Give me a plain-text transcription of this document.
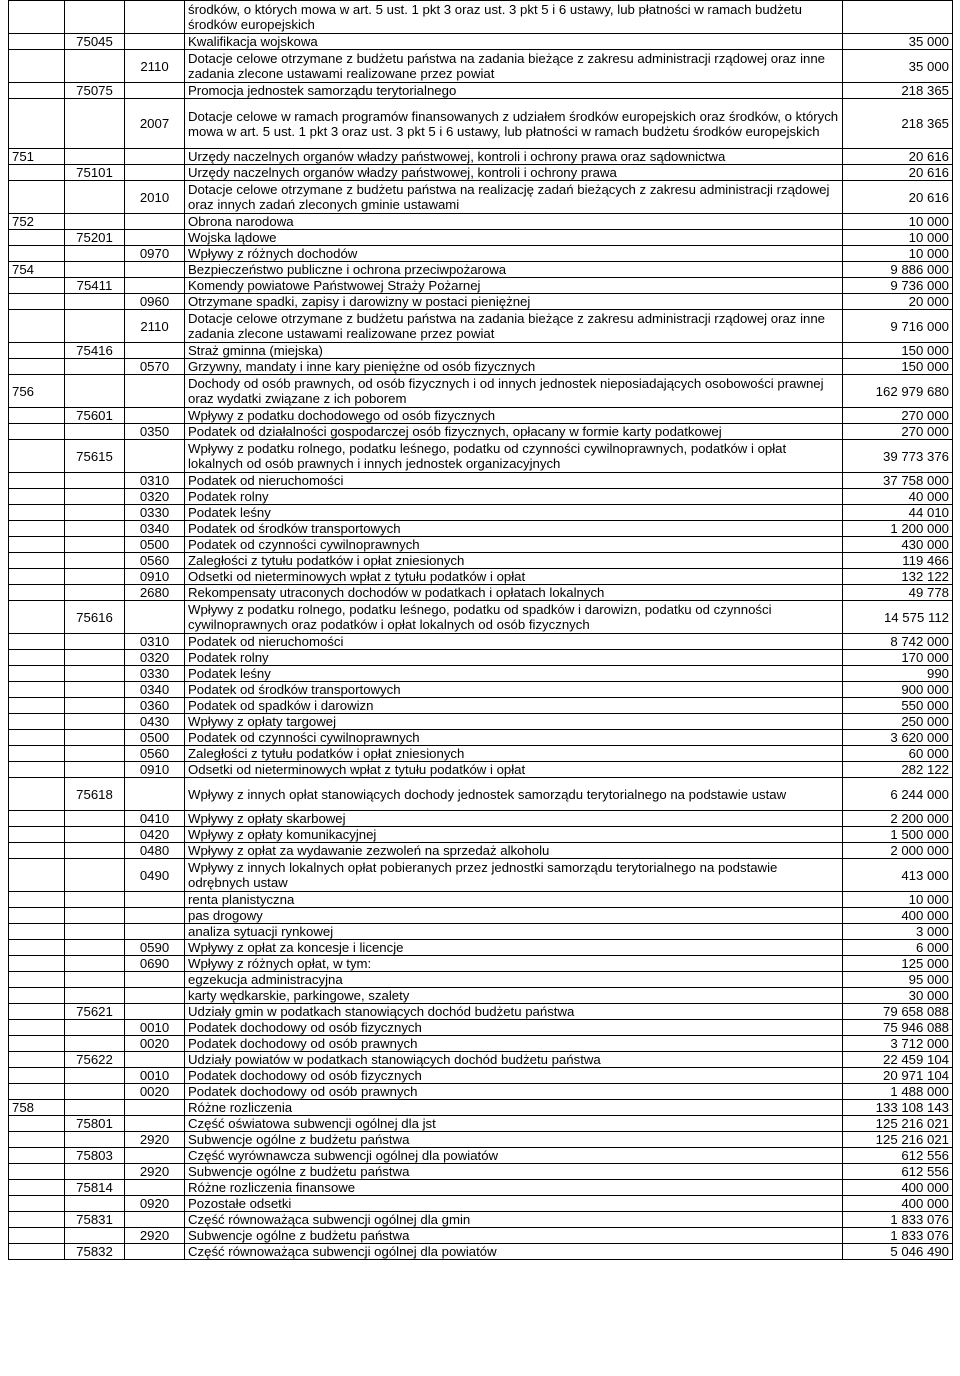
			środków, o których mowa w art. 5 ust. 1 pkt 3 oraz ust. 3 pkt 5 i 6 ustawy, lub płatności w ramach budżetu środków europejskich	
	75045		Kwalifikacja wojskowa	35 000
		2110	Dotacje celowe otrzymane z budżetu państwa na zadania bieżące z zakresu administracji rządowej oraz inne zadania zlecone ustawami realizowane przez powiat	35 000
	75075		Promocja jednostek samorządu terytorialnego	218 365
		2007	Dotacje celowe w ramach programów finansowanych z udziałem środków europejskich oraz środków, o których mowa w art. 5 ust. 1 pkt 3 oraz ust. 3 pkt 5 i 6 ustawy, lub płatności w ramach budżetu środków europejskich	218 365
751			Urzędy naczelnych organów władzy państwowej, kontroli i ochrony prawa oraz sądownictwa	20 616
	75101		Urzędy naczelnych organów władzy państwowej, kontroli i ochrony prawa	20 616
		2010	Dotacje celowe otrzymane z budżetu państwa na realizację zadań bieżących z zakresu administracji rządowej oraz innych zadań zleconych gminie ustawami	20 616
752			Obrona narodowa	10 000
	75201		Wojska lądowe	10 000
		0970	Wpływy z różnych dochodów	10 000
754			Bezpieczeństwo publiczne i ochrona przeciwpożarowa	9 886 000
	75411		Komendy powiatowe Państwowej Straży Pożarnej	9 736 000
		0960	Otrzymane spadki, zapisy i darowizny w postaci pieniężnej	20 000
		2110	Dotacje celowe otrzymane z budżetu państwa na zadania bieżące z zakresu administracji rządowej oraz inne zadania zlecone ustawami realizowane przez powiat	9 716 000
	75416		Straż gminna (miejska)	150 000
		0570	Grzywny, mandaty i inne kary pieniężne od osób fizycznych	150 000
756			Dochody od osób prawnych, od osób fizycznych i od innych jednostek nieposiadających osobowości prawnej oraz wydatki związane z ich poborem	162 979 680
	75601		Wpływy z podatku dochodowego od osób fizycznych	270 000
		0350	Podatek od działalności gospodarczej osób fizycznych, opłacany w formie karty podatkowej	270 000
	75615		Wpływy z podatku rolnego, podatku leśnego, podatku od czynności cywilnoprawnych, podatków i opłat lokalnych od osób prawnych i innych jednostek organizacyjnych	39 773 376
		0310	Podatek od nieruchomości	37 758 000
		0320	Podatek rolny	40 000
		0330	Podatek leśny	44 010
		0340	Podatek od środków transportowych	1 200 000
		0500	Podatek od czynności cywilnoprawnych	430 000
		0560	Zaległości z tytułu podatków i opłat zniesionych	119 466
		0910	Odsetki od nieterminowych wpłat z tytułu podatków i opłat	132 122
		2680	Rekompensaty utraconych dochodów w podatkach i opłatach lokalnych	49 778
	75616		Wpływy z podatku rolnego, podatku leśnego, podatku od spadków i darowizn, podatku od czynności cywilnoprawnych oraz podatków i opłat lokalnych od osób fizycznych	14 575 112
		0310	Podatek od nieruchomości	8 742 000
		0320	Podatek rolny	170 000
		0330	Podatek leśny	990
		0340	Podatek od środków transportowych	900 000
		0360	Podatek od spadków i darowizn	550 000
		0430	Wpływy z opłaty targowej	250 000
		0500	Podatek od czynności cywilnoprawnych	3 620 000
		0560	Zaległości z tytułu podatków i opłat zniesionych	60 000
		0910	Odsetki od nieterminowych wpłat z tytułu podatków i opłat	282 122
	75618		Wpływy z innych opłat stanowiących dochody jednostek samorządu terytorialnego na podstawie ustaw	6 244 000
		0410	Wpływy z opłaty skarbowej	2 200 000
		0420	Wpływy z opłaty komunikacyjnej	1 500 000
		0480	Wpływy z opłat za wydawanie zezwoleń na sprzedaż alkoholu	2 000 000
		0490	Wpływy z innych lokalnych opłat pobieranych przez jednostki samorządu terytorialnego na podstawie odrębnych ustaw	413 000
			renta planistyczna	10 000
			pas drogowy	400 000
			analiza sytuacji rynkowej	3 000
		0590	Wpływy z opłat za koncesje i licencje	6 000
		0690	Wpływy z różnych opłat, w tym:	125 000
			egzekucja administracyjna	95 000
			karty wędkarskie, parkingowe, szalety	30 000
	75621		Udziały gmin w podatkach stanowiących dochód budżetu państwa	79 658 088
		0010	Podatek dochodowy od osób fizycznych	75 946 088
		0020	Podatek dochodowy od osób prawnych	3 712 000
	75622		Udziały powiatów w podatkach stanowiących dochód budżetu państwa	22 459 104
		0010	Podatek dochodowy od osób fizycznych	20 971 104
		0020	Podatek dochodowy od osób prawnych	1 488 000
758			Różne rozliczenia	133 108 143
	75801		Część oświatowa subwencji ogólnej dla jst	125 216 021
		2920	Subwencje ogólne z budżetu państwa	125 216 021
	75803		Część wyrównawcza subwencji ogólnej dla powiatów	612 556
		2920	Subwencje ogólne z budżetu państwa	612 556
	75814		Różne rozliczenia finansowe	400 000
		0920	Pozostałe odsetki	400 000
	75831		Część równoważąca subwencji ogólnej dla gmin	1 833 076
		2920	Subwencje ogólne z budżetu państwa	1 833 076
	75832		Część równoważąca subwencji ogólnej dla powiatów	5 046 490
